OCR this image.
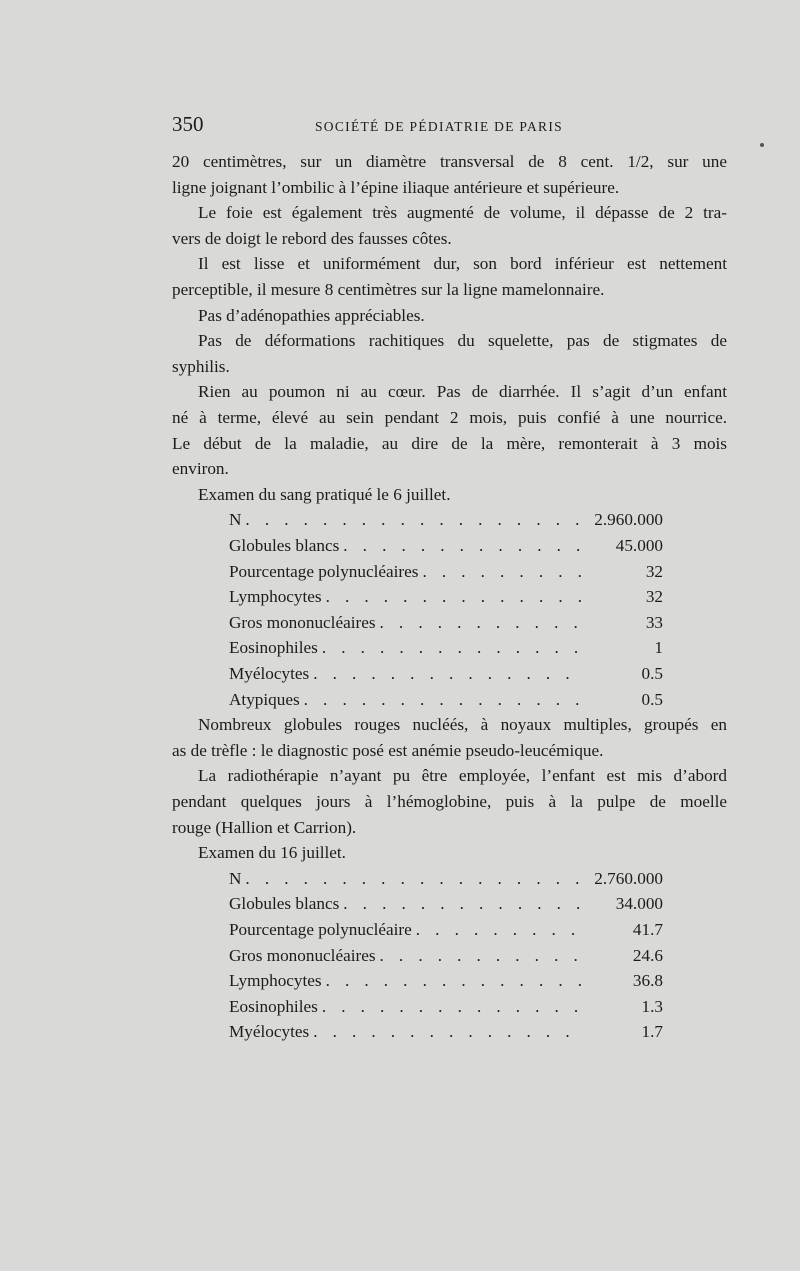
350	SOCIÉTÉ DE PÉDIATRIE DE PARIS
20 centimètres, sur un diamètre transversal de 8 cent. 1/2, sur une
ligne joignant l’ombilic à l’épine iliaque antérieure et supérieure.
Le foie est également très augmenté de volume, il dépasse de 2 tra-
vers de doigt le rebord des fausses côtes.
Il est lisse et uniformément dur, son bord inférieur est nettement
perceptible, il mesure 8 centimètres sur la ligne mamelonnaire.
Pas d’adénopathies appréciables.
Pas de déformations rachitiques du squelette, pas de stigmates de
syphilis.
Rien au poumon ni au cœur. Pas de diarrhée. Il s’agit d’un enfant
né à terme, élevé au sein pendant 2 mois, puis confié à une nourrice.
Le début de la maladie, au dire de la mère, remonterait à 3 mois
environ.
Examen du sang pratiqué le 6 juillet.
N . . .	2.960.000
Globules blancs . . .	45.000
Pourcentage polynucléaires . . .	32
Lymphocytes . . .	32
Gros mononucléaires . . .	33
Eosinophiles . . .	1
Myélocytes . . .	0.5
Atypiques . . .	0.5
Nombreux globules rouges nucléés, à noyaux multiples, groupés en
as de trèfle : le diagnostic posé est anémie pseudo-leucémique.
La radiothérapie n’ayant pu être employée, l’enfant est mis d’abord
pendant quelques jours à l’hémoglobine, puis à la pulpe de moelle
rouge (Hallion et Carrion).
Examen du 16 juillet.
N . . .	2.760.000
Globules blancs . . .	34.000
Pourcentage polynucléaire . . .	41.7
Gros mononucléaires . . .	24.6
Lymphocytes . . .	36.8
Eosinophiles . . .	1.3
Myélocytes . . .	1.7
